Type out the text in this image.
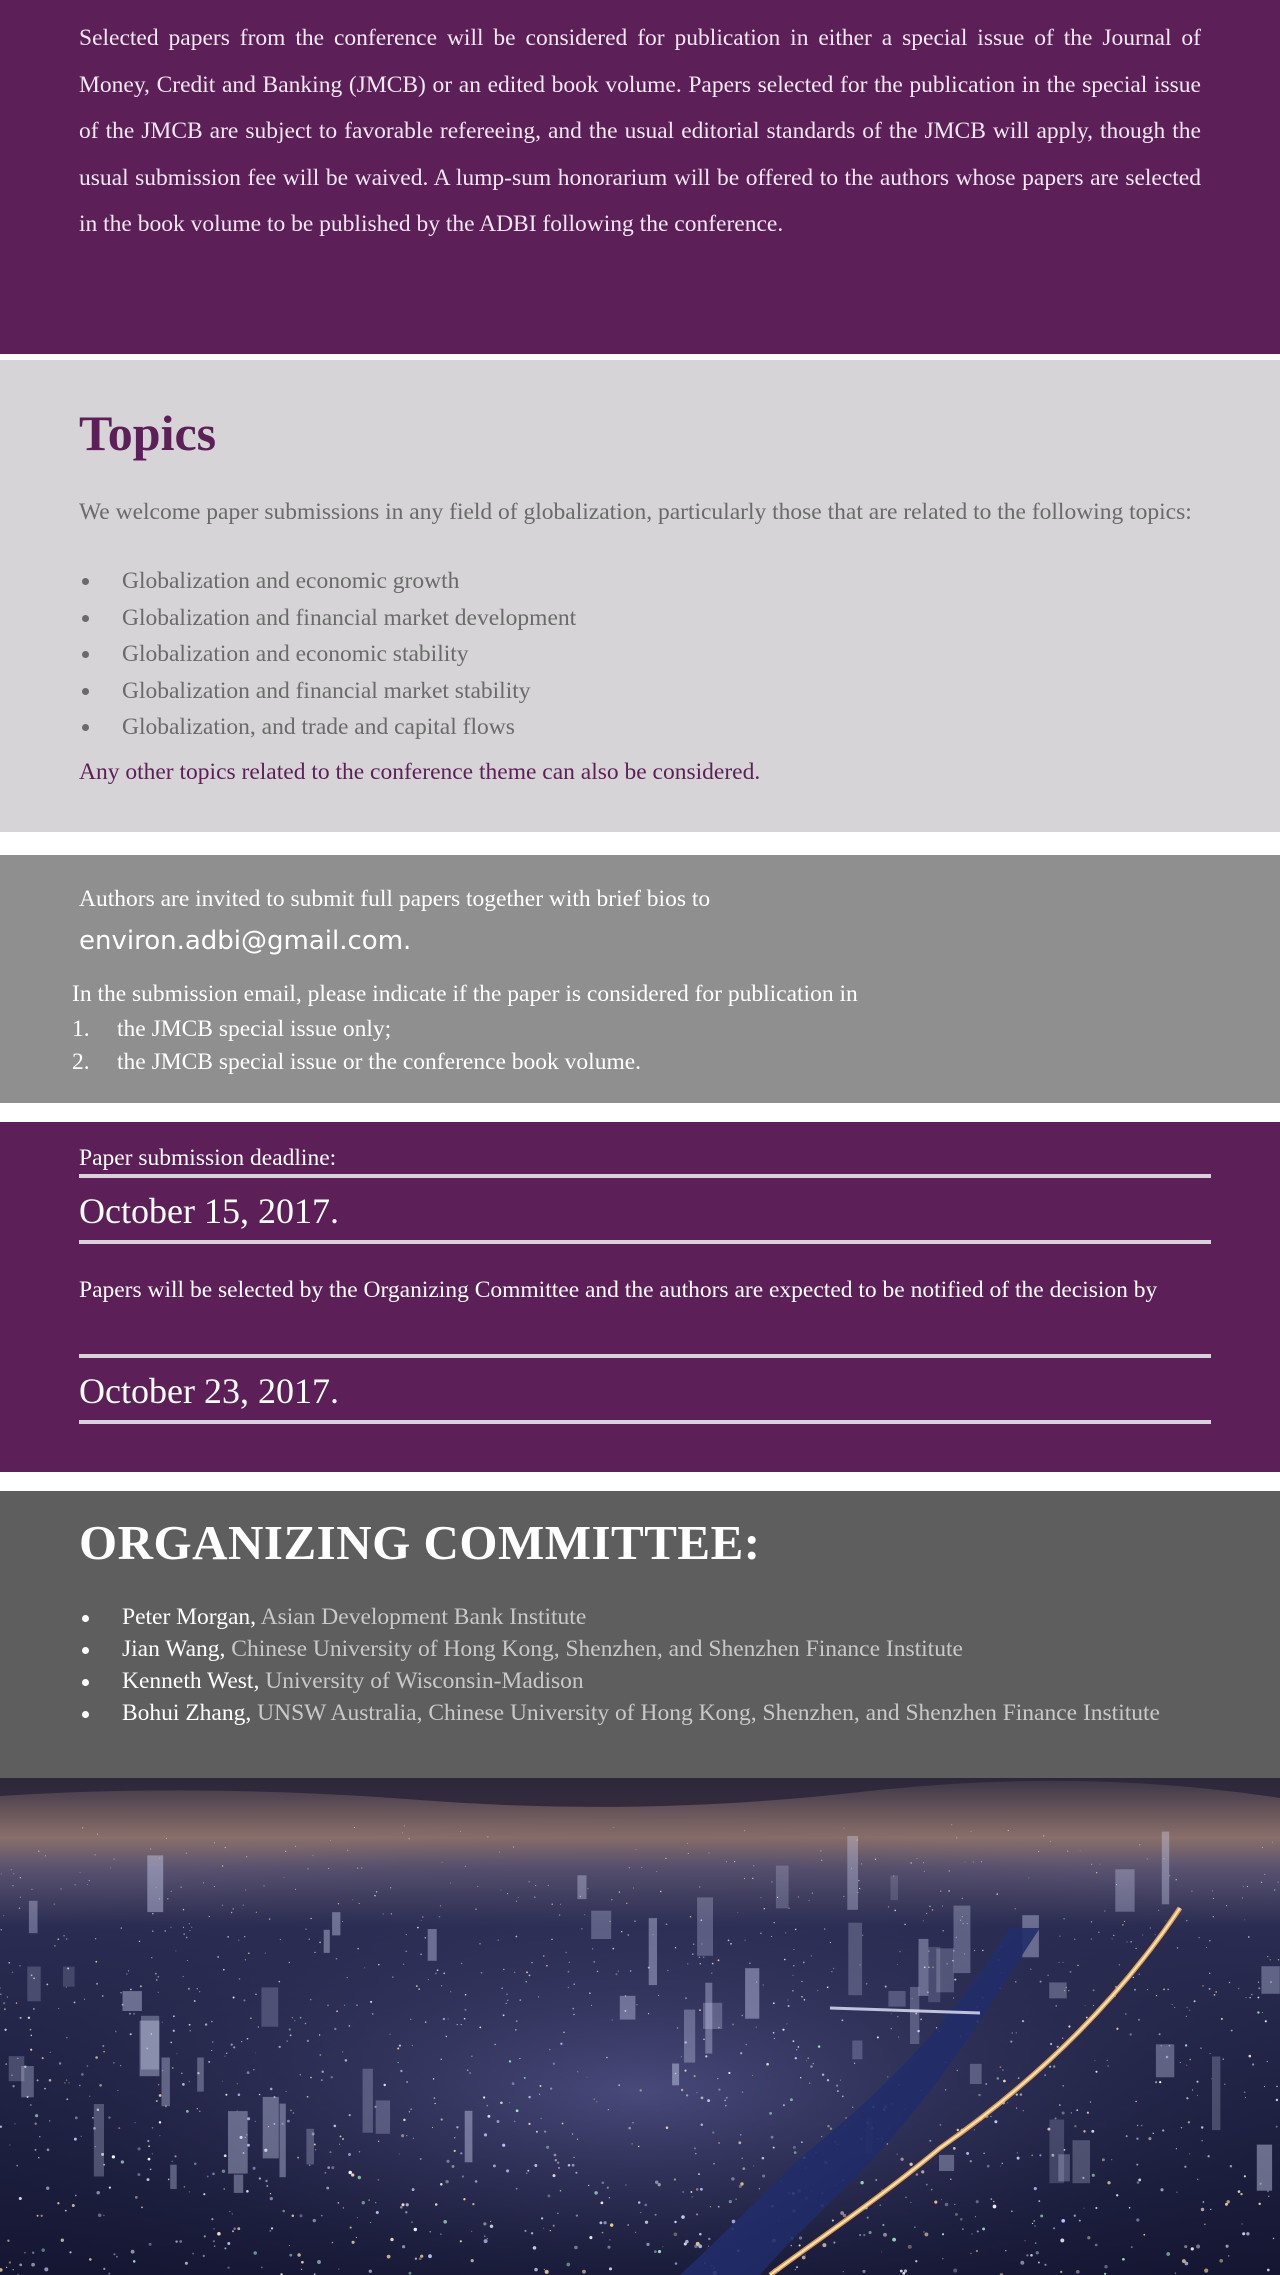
Selected papers from the conference will be considered for publication in either a special issue of the Journal of Money, Credit and Banking (JMCB) or an edited book volume. Papers selected for the publication in the special issue of the JMCB are subject to favorable refereeing, and the usual editorial standards of the JMCB will apply, though the usual submission fee will be waived. A lump-sum honorarium will be offered to the authors whose papers are selected in the book volume to be published by the ADBI following the conference.

Topics

We welcome paper submissions in any field of globalization, particularly those that are related to the following topics:

Globalization and economic growth
Globalization and financial market development
Globalization and economic stability
Globalization and financial market stability
Globalization, and trade and capital flows

Any other topics related to the conference theme can also be considered.

Authors are invited to submit full papers together with brief bios to

environ.adbi@gmail.com.

In the submission email, please indicate if the paper is considered for publication in

1. the JMCB special issue only;
2. the JMCB special issue or the conference book volume.

Paper submission deadline:

October 15, 2017.

Papers will be selected by the Organizing Committee and the authors are expected to be notified of the decision by

October 23, 2017.

ORGANIZING COMMITTEE:
Peter Morgan, Asian Development Bank Institute
Jian Wang, Chinese University of Hong Kong, Shenzhen, and Shenzhen Finance Institute
Kenneth West, University of Wisconsin-Madison
Bohui Zhang, UNSW Australia, Chinese University of Hong Kong, Shenzhen, and Shenzhen Finance Institute
